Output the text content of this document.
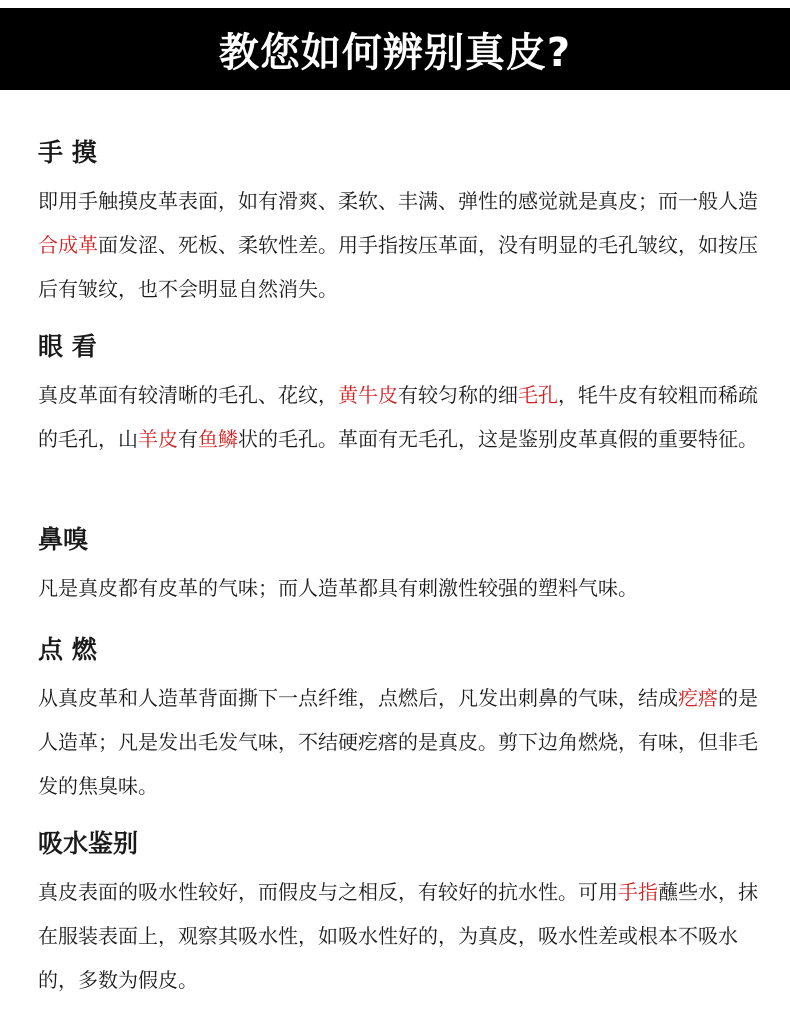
教您如何辨别真皮?
手 摸

即用手触摸皮革表面，如有滑爽、柔软、丰满、弹性的感觉就是真皮；而一般人造合成革面发涩、死板、柔软性差。用手指按压革面，没有明显的毛孔皱纹，如按压后有皱纹，也不会明显自然消失。

眼 看

真皮革面有较清晰的毛孔、花纹，黄牛皮有较匀称的细毛孔，牦牛皮有较粗而稀疏的毛孔，山羊皮有鱼鳞状的毛孔。革面有无毛孔，这是鉴别皮革真假的重要特征。

鼻嗅

凡是真皮都有皮革的气味；而人造革都具有刺激性较强的塑料气味。

点 燃

从真皮革和人造革背面撕下一点纤维，点燃后，凡发出刺鼻的气味，结成疙瘩的是人造革；凡是发出毛发气味，不结硬疙瘩的是真皮。剪下边角燃烧，有味，但非毛发的焦臭味。

吸水鉴别

真皮表面的吸水性较好，而假皮与之相反，有较好的抗水性。可用手指蘸些水，抹在服装表面上，观察其吸水性，如吸水性好的，为真皮，吸水性差或根本不吸水的，多数为假皮。
